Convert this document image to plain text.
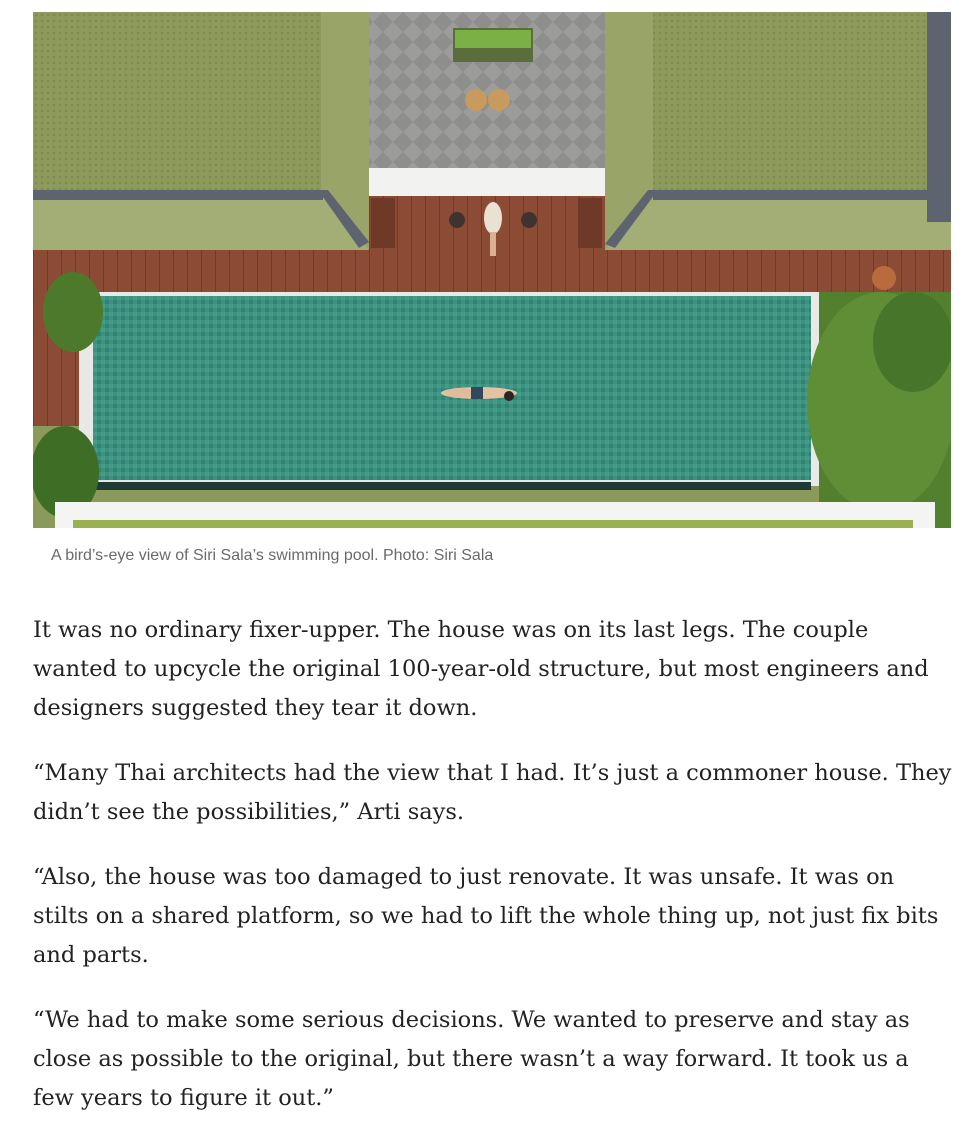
A bird’s-eye view of Siri Sala’s swimming pool. Photo: Siri Sala

It was no ordinary fixer-upper. The house was on its last legs. The couple wanted to upcycle the original 100-year-old structure, but most engineers and designers suggested they tear it down.

“Many Thai architects had the view that I had. It’s just a commoner house. They didn’t see the possibilities,” Arti says.

“Also, the house was too damaged to just renovate. It was unsafe. It was on stilts on a shared platform, so we had to lift the whole thing up, not just fix bits and parts.

“We had to make some serious decisions. We wanted to preserve and stay as close as possible to the original, but there wasn’t a way forward. It took us a few years to figure it out.”
